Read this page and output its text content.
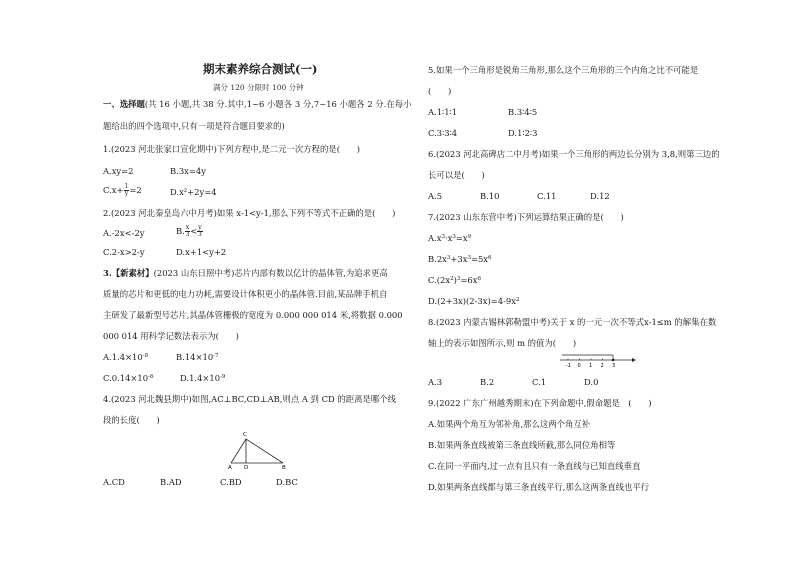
期末素养综合测试(一)
满分 120 分限时 100 分钟
一、选择题(共 16 小题,共 38 分.其中,1~6 小题各 3 分,7~16 小题各 2 分.在每小
题给出的四个选项中,只有一项是符合题目要求的)
1.(2023 河北张家口宣化期中)下列方程中,是二元一次方程的是(　　)
A.xy=2	B.3x=4y
$C.x+ \frac{1}{y} =2$	D.x²+2y=4
2.(2023 河北秦皇岛六中月考)如果 x-1<y-1,那么下列不等式不正确的是(　　)
A.-2x<-2y	B. $\frac{x}{3} < \frac{y}{3}$
C.2-x>2-y	D.x+1<y+2
3.【新素材】(2023 山东日照中考)芯片内部有数以亿计的晶体管,为追求更高
质量的芯片和更低的电力功耗,需要设计体积更小的晶体管.目前,某品牌手机自
主研发了最新型号芯片,其晶体管栅极的宽度为 0.000 000 014 米,将数据 0.000
000 014 用科学记数法表示为(　　)
$A.1.4\times 10^{-8}$	$B.14\times 10^{-7}$
$C.0.14\times 10^{-6}$	$D.1.4\times 10^{-9}$
4.(2023 河北魏县期中)如图,AC⊥BC,CD⊥AB,则点 A 到 CD 的距离是哪个线
段的长度(　　)
C
A D	B
A.CD	B.AD	C.BD	D.BC
5.如果一个三角形是锐角三角形,那么这个三角形的三个内角之比不可能是
(　　)
A.1∶1∶1	B.3∶4∶5
C.3∶3∶4	D.1∶2∶3
6.(2023 河北高碑店二中月考)如果一个三角形的两边长分别为 3,8,则第三边的
长可以是(　　)
A.5	B.10	C.11	D.12
7.(2023 山东东营中考)下列运算结果正确的是(　　)
$A.x^3\cdot x^3=x^9$
$B.2x^3+3x^3=5x^6$
$C.(2x^2)^3=6x^6$
$D.(2+3x)(2-3x)=4-9x^2$
8.(2023 内蒙古锡林郭勒盟中考)关于 x 的一元一次不等式x-1≤m 的解集在数
轴上的表示如图所示,则 m 的值为(　　)
-1 0 1 2 3
A.3	B.2	C.1	D.0
9.(2022 广东广州越秀期末)在下列命题中,假命题是　(　　)
A.如果两个角互为邻补角,那么这两个角互补
B.如果两条直线被第三条直线所截,那么同位角相等
C.在同一平面内,过一点有且只有一条直线与已知直线垂直
D.如果两条直线都与第三条直线平行,那么这两条直线也平行
